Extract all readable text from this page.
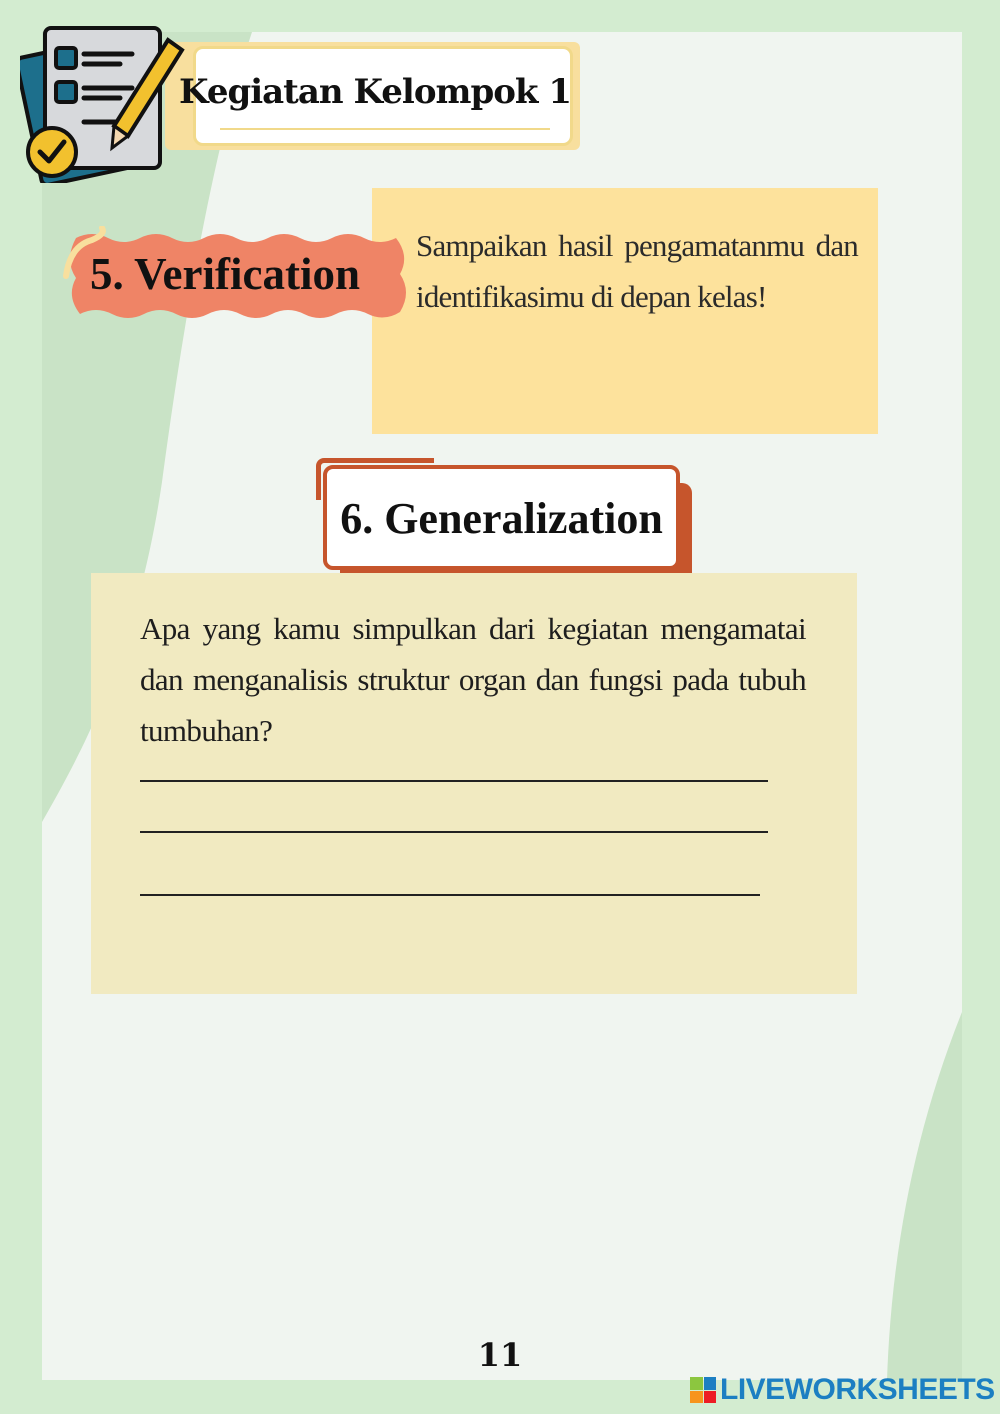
Kegiatan Kelompok 1

Sampaikan hasil pengamatanmu dan identifikasimu di depan kelas!

5. Verification
6. Generalization

Apa yang kamu simpulkan dari kegiatan mengamatai dan menganalisis struktur organ dan fungsi pada tubuh tumbuhan?

11
LIVEWORKSHEETS
